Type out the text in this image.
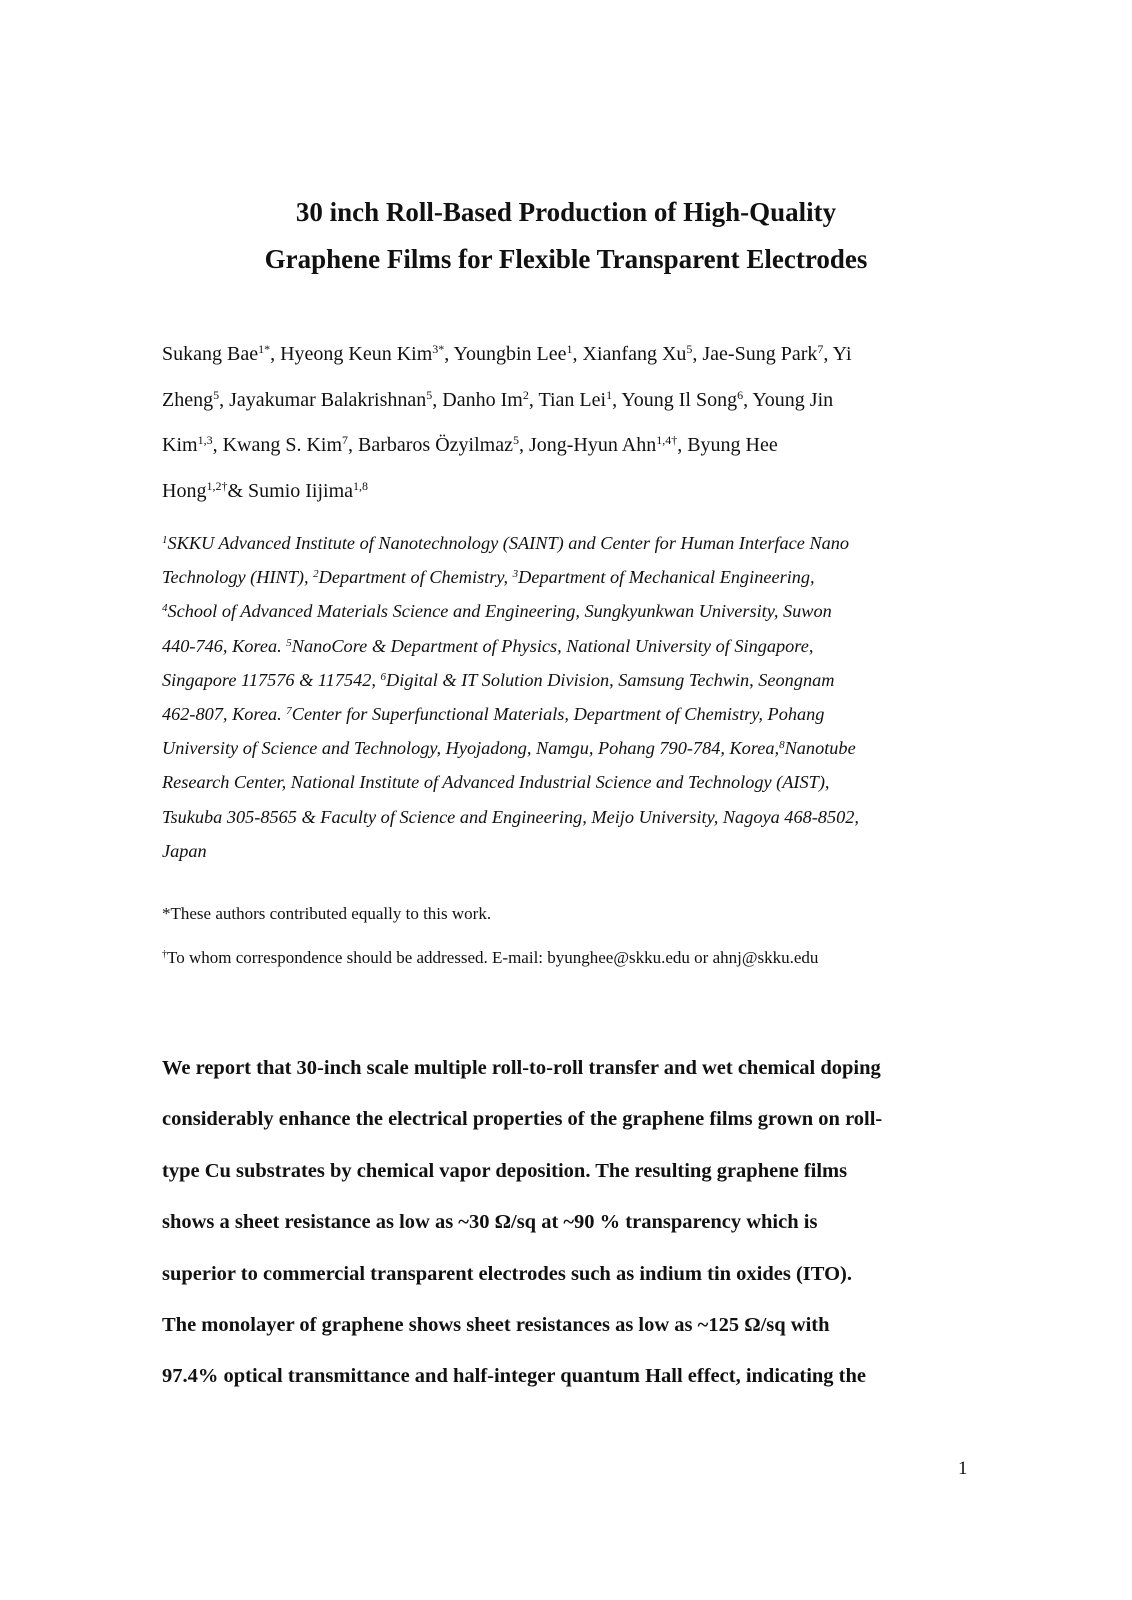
30 inch Roll-Based Production of High-Quality
Graphene Films for Flexible Transparent Electrodes
Sukang Bae$^{1*}$, Hyeong Keun Kim$^{3*}$, Youngbin Lee$^1$, Xianfang Xu$^5$, Jae-Sung Park$^7$, Yi
Zheng$^5$, Jayakumar Balakrishnan$^5$, Danho Im$^2$, Tian Lei$^1$, Young Il Song$^6$, Young Jin
Kim$^{1,3}$, Kwang S. Kim$^7$, Barbaros Özyilmaz$^5$, Jong-Hyun Ahn$^{1,4\dagger}$, Byung Hee
Hong$^{1,2\dagger}$& Sumio Iijima$^{1,8}$
$^1$SKKU Advanced Institute of Nanotechnology (SAINT) and Center for Human Interface Nano
Technology (HINT), $^2$Department of Chemistry, $^3$Department of Mechanical Engineering,
$^4$School of Advanced Materials Science and Engineering, Sungkyunkwan University, Suwon
440-746, Korea. $^5$NanoCore & Department of Physics, National University of Singapore,
Singapore 117576 & 117542, $^6$Digital & IT Solution Division, Samsung Techwin, Seongnam
462-807, Korea. $^7$Center for Superfunctional Materials, Department of Chemistry, Pohang
University of Science and Technology, Hyojadong, Namgu, Pohang 790-784, Korea,$^8$Nanotube
Research Center, National Institute of Advanced Industrial Science and Technology (AIST),
Tsukuba 305-8565 & Faculty of Science and Engineering, Meijo University, Nagoya 468-8502,
Japan
*These authors contributed equally to this work.
†To whom correspondence should be addressed. E-mail: byunghee@skku.edu or ahnj@skku.edu
We report that 30-inch scale multiple roll-to-roll transfer and wet chemical doping
considerably enhance the electrical properties of the graphene films grown on roll-
type Cu substrates by chemical vapor deposition. The resulting graphene films
shows a sheet resistance as low as ~30 Ω/sq at ~90 % transparency which is
superior to commercial transparent electrodes such as indium tin oxides (ITO).
The monolayer of graphene shows sheet resistances as low as ~125 Ω/sq with
97.4% optical transmittance and half-integer quantum Hall effect, indicating the
1
